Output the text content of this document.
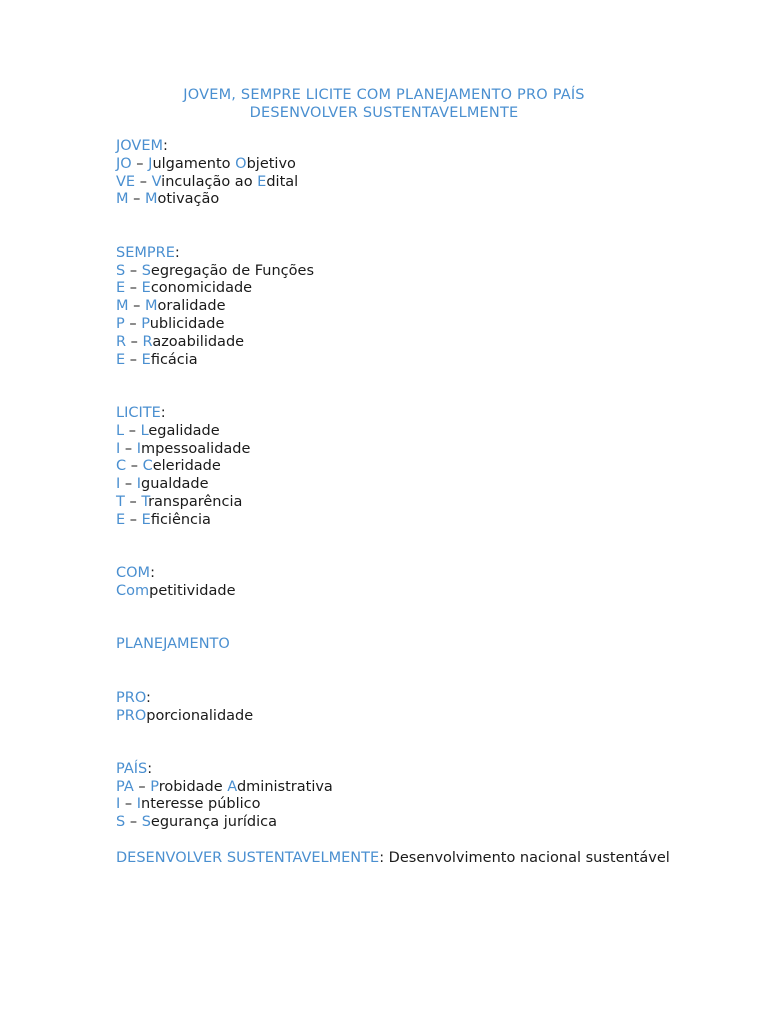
JOVEM, SEMPRE LICITE COM PLANEJAMENTO PRO PAÍS
DESENVOLVER SUSTENTAVELMENTE
JOVEM:
JO – Julgamento Objetivo
VE – Vinculação ao Edital
M – Motivação
SEMPRE:
S – Segregação de Funções
E – Economicidade
M – Moralidade
P – Publicidade
R – Razoabilidade
E – Eficácia
LICITE:
L – Legalidade
I – Impessoalidade
C – Celeridade
I – Igualdade
T – Transparência
E – Eficiência
COM:
Competitividade
PLANEJAMENTO
PRO:
PROporcionalidade
PAÍS:
PA – Probidade Administrativa
I – Interesse público
S – Segurança jurídica
DESENVOLVER SUSTENTAVELMENTE: Desenvolvimento nacional sustentável
